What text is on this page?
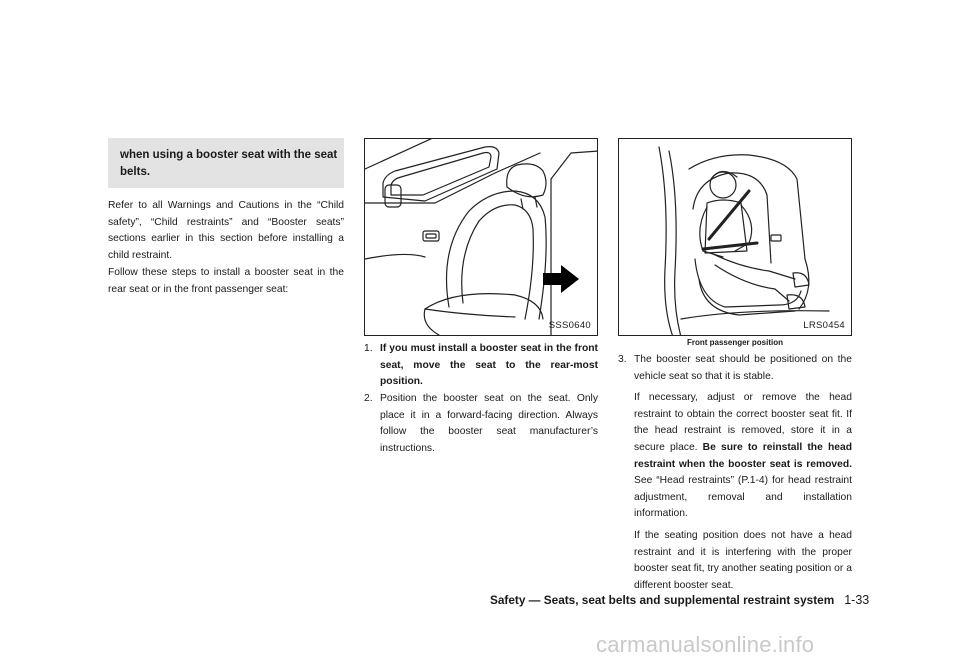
when using a booster seat with the seat belts.
Refer to all Warnings and Cautions in the “Child safety”, “Child restraints” and “Booster seats” sections earlier in this section before installing a child restraint.
Follow these steps to install a booster seat in the rear seat or in the front passenger seat:
SSS0640	LRS0454
Front passenger position
1. If you must install a booster seat in the front seat, move the seat to the rear-most position.
2. Position the booster seat on the seat. Only place it in a forward-facing direction. Always follow the booster seat manufacturer’s instructions.
3. The booster seat should be positioned on the vehicle seat so that it is stable.
If necessary, adjust or remove the head restraint to obtain the correct booster seat fit. If the head restraint is removed, store it in a secure place. Be sure to reinstall the head restraint when the booster seat is removed. See “Head restraints” (P.1-4) for head restraint adjustment, removal and installation information.
If the seating position does not have a head restraint and it is interfering with the proper booster seat fit, try another seating position or a different booster seat.
Safety — Seats, seat belts and supplemental restraint system 1-33
carmanualsonline.info
